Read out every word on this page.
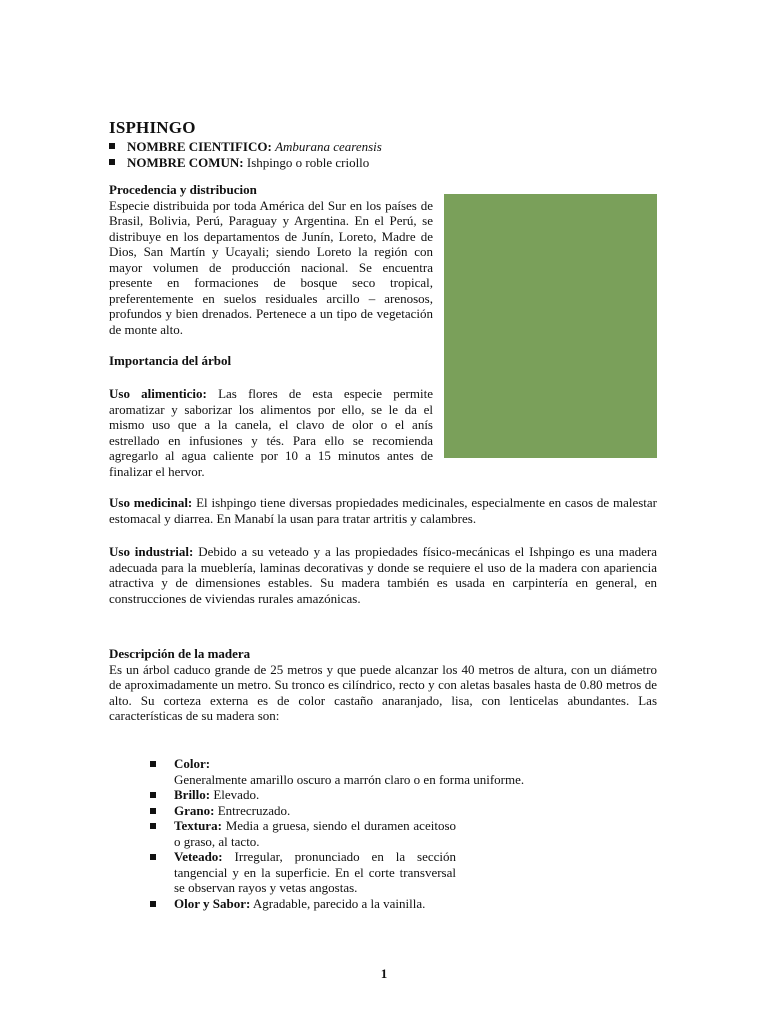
ISPHINGO
NOMBRE CIENTIFICO: Amburana cearensis
NOMBRE COMUN: Ishpingo o roble criollo
Procedencia y distribucion
Especie distribuida por toda América del Sur en los países de Brasil, Bolivia, Perú, Paraguay y Argentina. En el Perú, se distribuye en los departamentos de Junín, Loreto, Madre de Dios, San Martín y Ucayali; siendo Loreto la región con mayor volumen de producción nacional. Se encuentra presente en formaciones de bosque seco tropical, preferentemente en suelos residuales arcillo – arenosos, profundos y bien drenados. Pertenece a un tipo de vegetación de monte alto.
Importancia del árbol
Uso alimenticio: Las flores de esta especie permite aromatizar y saborizar los alimentos por ello, se le da el mismo uso que a la canela, el clavo de olor o el anís estrellado en infusiones y tés. Para ello se recomienda agregarlo al agua caliente por 10 a 15 minutos antes de finalizar el hervor.
Uso medicinal: El ishpingo tiene diversas propiedades medicinales, especialmente en casos de malestar estomacal y diarrea. En Manabí la usan para tratar artritis y calambres.
Uso industrial: Debido a su veteado y a las propiedades físico-mecánicas el Ishpingo es una madera adecuada para la mueblería, laminas decorativas y donde se requiere el uso de la madera con apariencia atractiva y de dimensiones estables. Su madera también es usada en carpintería en general, en construcciones de viviendas rurales amazónicas.
Descripción de la madera
Es un árbol caduco grande de 25 metros y que puede alcanzar los 40 metros de altura, con un diámetro de aproximadamente un metro. Su tronco es cilíndrico, recto y con aletas basales hasta de 0.80 metros de alto. Su corteza externa es de color castaño anaranjado, lisa, con lenticelas abundantes. Las características de su madera son:
Color: Generalmente amarillo oscuro a marrón claro o en forma uniforme.
Brillo: Elevado.
Grano: Entrecruzado.
Textura: Media a gruesa, siendo el duramen aceitoso o graso, al tacto.
Veteado: Irregular, pronunciado en la sección tangencial y en la superficie. En el corte transversal se observan rayos y vetas angostas.
Olor y Sabor: Agradable, parecido a la vainilla.
1
